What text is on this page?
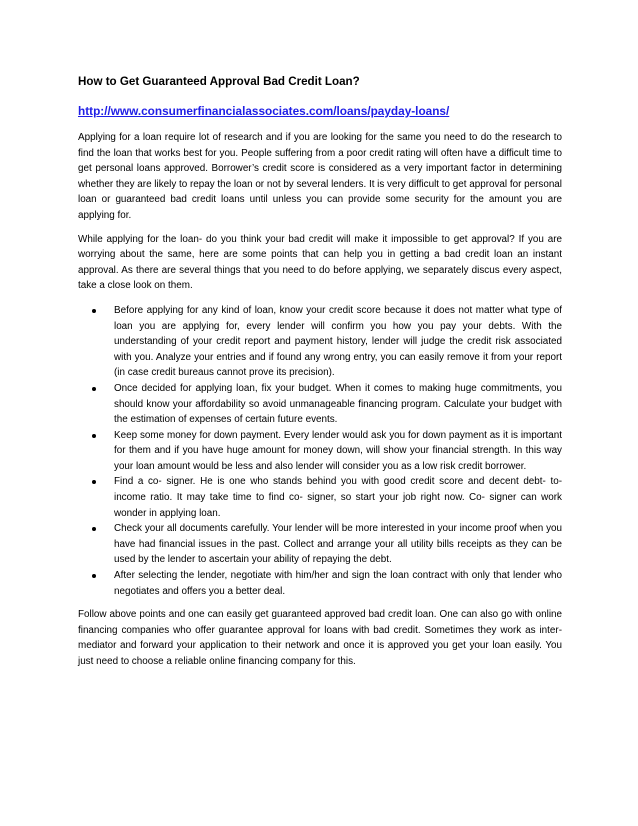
How to Get Guaranteed Approval Bad Credit Loan?
http://www.consumerfinancialassociates.com/loans/payday-loans/

Applying for a loan require lot of research and if you are looking for the same you need to do the research to find the loan that works best for you. People suffering from a poor credit rating will often have a difficult time to get personal loans approved. Borrower’s credit score is considered as a very important factor in determining whether they are likely to repay the loan or not by several lenders. It is very difficult to get approval for personal loan or guaranteed bad credit loans until unless you can provide some security for the amount you are applying for.

While applying for the loan- do you think your bad credit will make it impossible to get approval? If you are worrying about the same, here are some points that can help you in getting a bad credit loan an instant approval. As there are several things that you need to do before applying, we separately discus every aspect, take a close look on them.

Before applying for any kind of loan, know your credit score because it does not matter what type of loan you are applying for, every lender will confirm you how you pay your debts. With the understanding of your credit report and payment history, lender will judge the credit risk associated with you. Analyze your entries and if found any wrong entry, you can easily remove it from your report (in case credit bureaus cannot prove its precision).
Once decided for applying loan, fix your budget. When it comes to making huge commitments, you should know your affordability so avoid unmanageable financing program. Calculate your budget with the estimation of expenses of certain future events.
Keep some money for down payment. Every lender would ask you for down payment as it is important for them and if you have huge amount for money down, will show your financial strength. In this way your loan amount would be less and also lender will consider you as a low risk credit borrower.
Find a co- signer. He is one who stands behind you with good credit score and decent debt- to- income ratio. It may take time to find co- signer, so start your job right now. Co- signer can work wonder in applying loan.
Check your all documents carefully. Your lender will be more interested in your income proof when you have had financial issues in the past. Collect and arrange your all utility bills receipts as they can be used by the lender to ascertain your ability of repaying the debt.
After selecting the lender, negotiate with him/her and sign the loan contract with only that lender who negotiates and offers you a better deal.

Follow above points and one can easily get guaranteed approved bad credit loan. One can also go with online financing companies who offer guarantee approval for loans with bad credit. Sometimes they work as inter- mediator and forward your application to their network and once it is approved you get your loan easily. You just need to choose a reliable online financing company for this.
